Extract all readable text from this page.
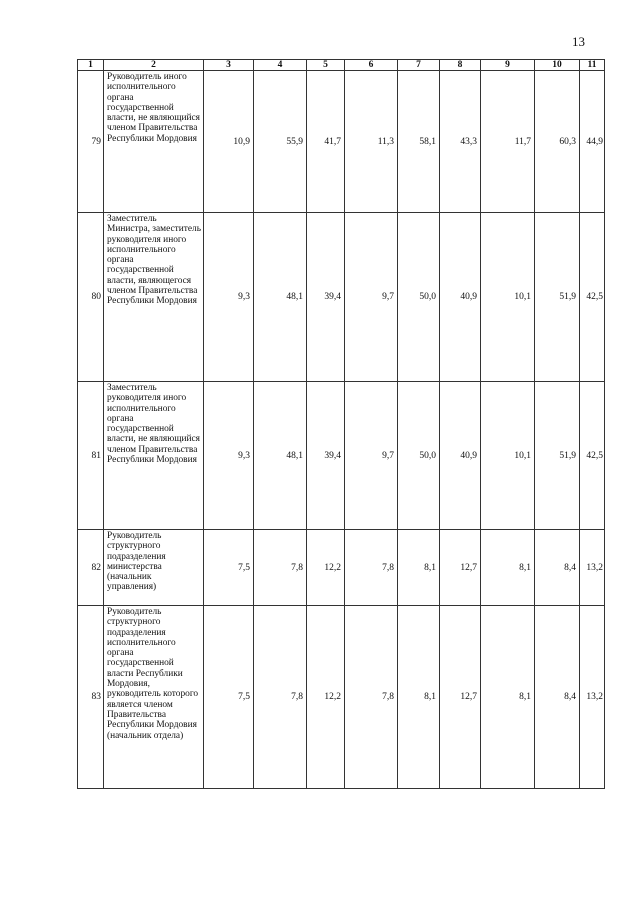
13
1	2	3	4	5	6	7	8	9	10	11
79	Руководитель иного исполнительного органа государственной власти, не являющийся членом Правительства Республики Мордовия	10,9	55,9	41,7	11,3	58,1	43,3	11,7	60,3	44,9
80	Заместитель Министра, заместитель руководителя иного исполнительного органа государственной власти, являющегося членом Правительства Республики Мордовия	9,3	48,1	39,4	9,7	50,0	40,9	10,1	51,9	42,5
81	Заместитель руководителя иного исполнительного органа государственной власти, не являющийся членом Правительства Республики Мордовия	9,3	48,1	39,4	9,7	50,0	40,9	10,1	51,9	42,5
82	Руководитель структурного подразделения министерства (начальник управления)	7,5	7,8	12,2	7,8	8,1	12,7	8,1	8,4	13,2
83	Руководитель структурного подразделения исполнительного органа государственной власти Республики Мордовия, руководитель которого является членом Правительства Республики Мордовия (начальник отдела)	7,5	7,8	12,2	7,8	8,1	12,7	8,1	8,4	13,2
